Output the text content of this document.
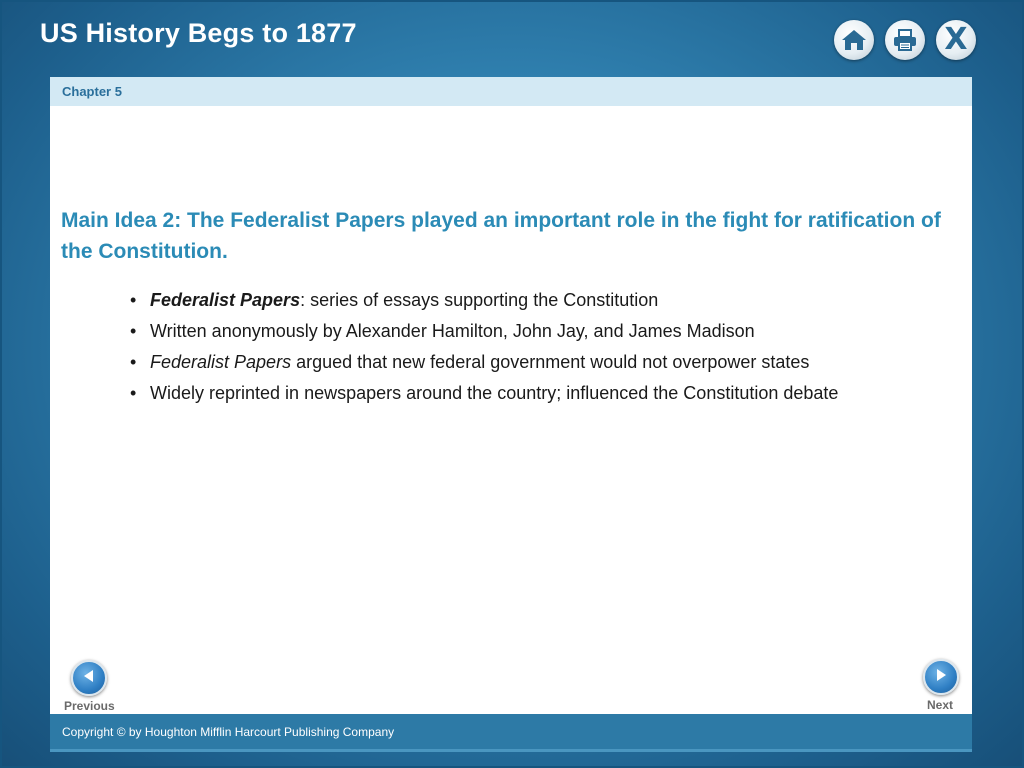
US History Begs to 1877	X
Chapter 5
Main Idea 2: The Federalist Papers played an important role in the fight for ratification of the Constitution.
• Federalist Papers: series of essays supporting the Constitution
• Written anonymously by Alexander Hamilton, John Jay, and James Madison
• Federalist Papers argued that new federal government would not overpower states
• Widely reprinted in newspapers around the country; influenced the Constitution debate
Previous	Next
Copyright © by Houghton Mifflin Harcourt Publishing Company
